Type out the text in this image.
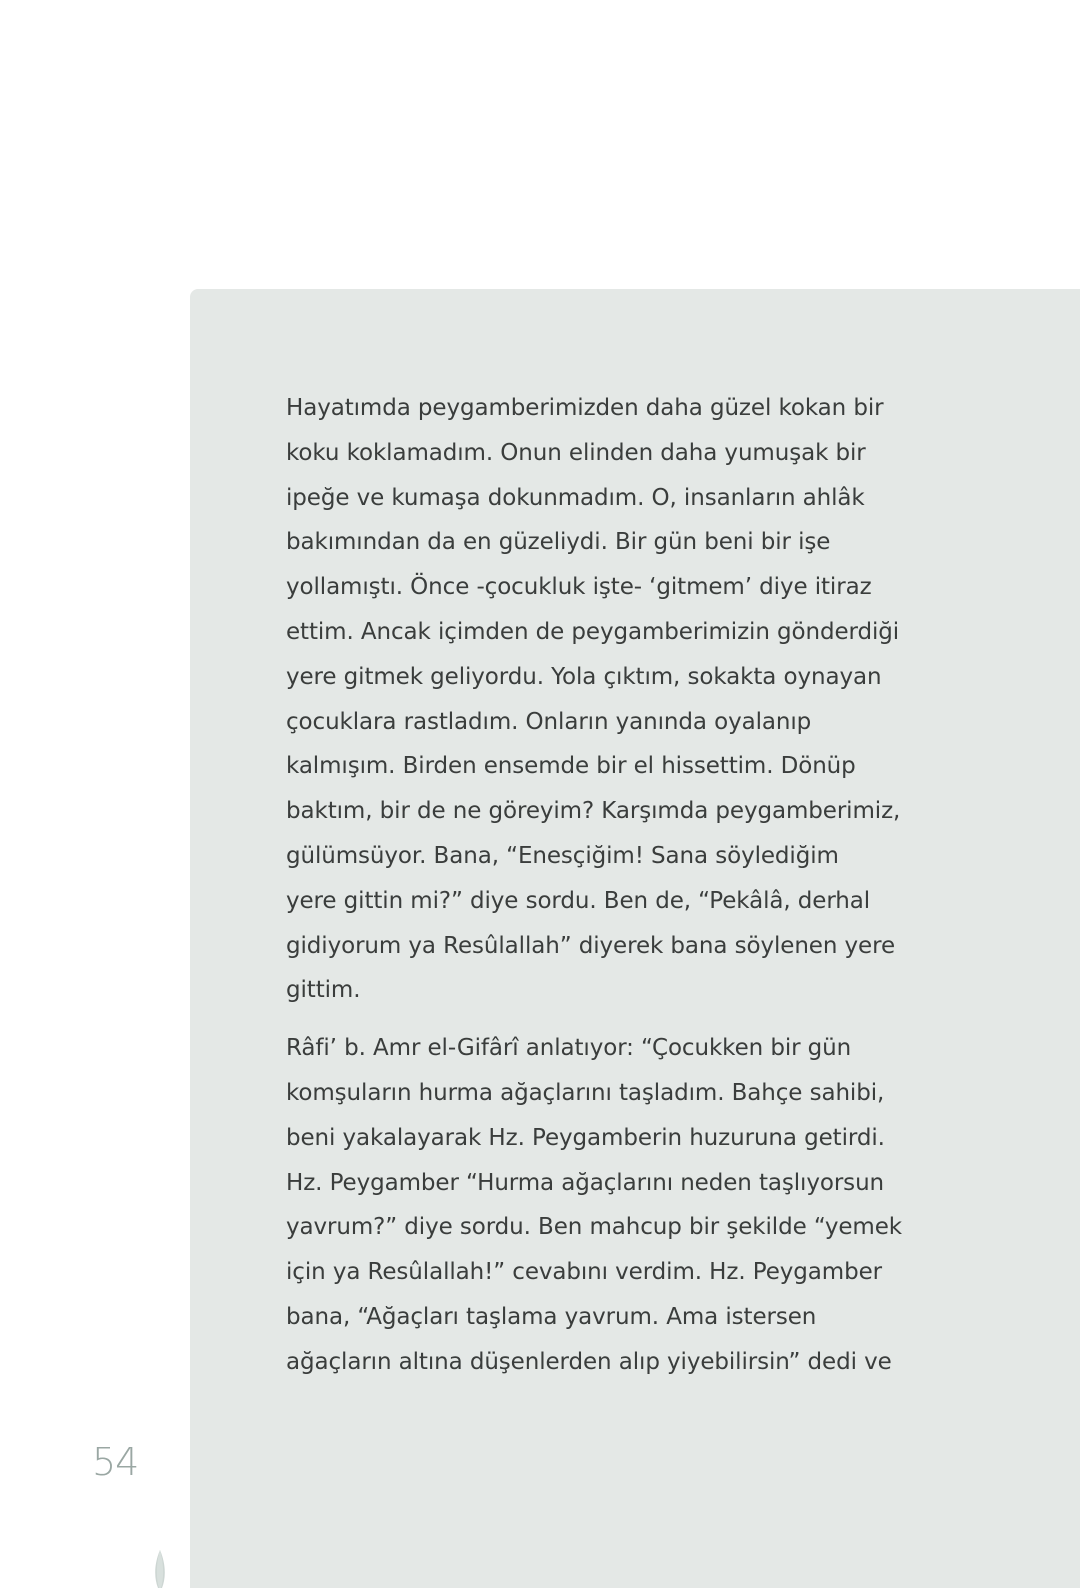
Hayatımda peygamberimizden daha güzel kokan bir
koku koklamadım. Onun elinden daha yumuşak bir
ipeğe ve kumaşa dokunmadım. O, insanların ahlâk
bakımından da en güzeliydi. Bir gün beni bir işe
yollamıştı. Önce -çocukluk işte- ‘gitmem’ diye itiraz
ettim. Ancak içimden de peygamberimizin gönderdiği
yere gitmek geliyordu. Yola çıktım, sokakta oynayan
çocuklara rastladım. Onların yanında oyalanıp
kalmışım. Birden ensemde bir el hissettim. Dönüp
baktım, bir de ne göreyim? Karşımda peygamberimiz,
gülümsüyor. Bana, “Enesçiğim! Sana söylediğim
yere gittin mi?” diye sordu. Ben de, “Pekâlâ, derhal
gidiyorum ya Resûlallah” diyerek bana söylenen yere
gittim.

Râfi’ b. Amr el-Gifârî anlatıyor: “Çocukken bir gün
komşuların hurma ağaçlarını taşladım. Bahçe sahibi,
beni yakalayarak Hz. Peygamberin huzuruna getirdi.
Hz. Peygamber “Hurma ağaçlarını neden taşlıyorsun
yavrum?” diye sordu. Ben mahcup bir şekilde “yemek
için ya Resûlallah!” cevabını verdim. Hz. Peygamber
bana, “Ağaçları taşlama yavrum. Ama istersen
ağaçların altına düşenlerden alıp yiyebilirsin” dedi ve

54
